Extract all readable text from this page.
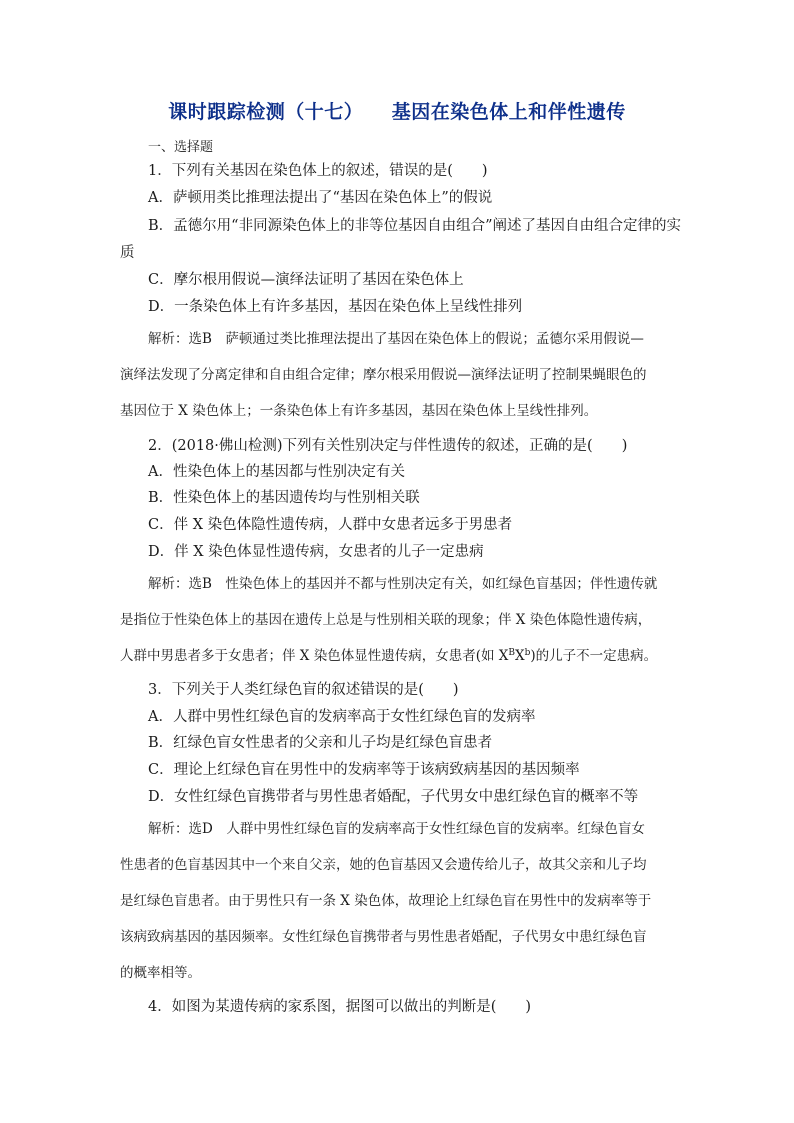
课时跟踪检测（十七）    基因在染色体上和伴性遗传
一、选择题
1．下列有关基因在染色体上的叙述，错误的是(　　)
A．萨顿用类比推理法提出了“基因在染色体上”的假说
B．孟德尔用“非同源染色体上的非等位基因自由组合”阐述了基因自由组合定律的实
质
C．摩尔根用假说—演绎法证明了基因在染色体上
D．一条染色体上有许多基因，基因在染色体上呈线性排列
解析：选B　萨顿通过类比推理法提出了基因在染色体上的假说；孟德尔采用假说—
演绎法发现了分离定律和自由组合定律；摩尔根采用假说—演绎法证明了控制果蝇眼色的
基因位于 X 染色体上；一条染色体上有许多基因，基因在染色体上呈线性排列。
2．(2018·佛山检测)下列有关性别决定与伴性遗传的叙述，正确的是(　　)
A．性染色体上的基因都与性别决定有关
B．性染色体上的基因遗传均与性别相关联
C．伴 X 染色体隐性遗传病，人群中女患者远多于男患者
D．伴 X 染色体显性遗传病，女患者的儿子一定患病
解析：选B　性染色体上的基因并不都与性别决定有关，如红绿色盲基因；伴性遗传就
是指位于性染色体上的基因在遗传上总是与性别相关联的现象；伴 X 染色体隐性遗传病，
人群中男患者多于女患者；伴 X 染色体显性遗传病，女患者(如 $X^BX^b$)的儿子不一定患病。
3．下列关于人类红绿色盲的叙述错误的是(　　)
A．人群中男性红绿色盲的发病率高于女性红绿色盲的发病率
B．红绿色盲女性患者的父亲和儿子均是红绿色盲患者
C．理论上红绿色盲在男性中的发病率等于该病致病基因的基因频率
D．女性红绿色盲携带者与男性患者婚配，子代男女中患红绿色盲的概率不等
解析：选D　人群中男性红绿色盲的发病率高于女性红绿色盲的发病率。红绿色盲女
性患者的色盲基因其中一个来自父亲，她的色盲基因又会遗传给儿子，故其父亲和儿子均
是红绿色盲患者。由于男性只有一条 X 染色体，故理论上红绿色盲在男性中的发病率等于
该病致病基因的基因频率。女性红绿色盲携带者与男性患者婚配，子代男女中患红绿色盲
的概率相等。
4．如图为某遗传病的家系图，据图可以做出的判断是(　　)
